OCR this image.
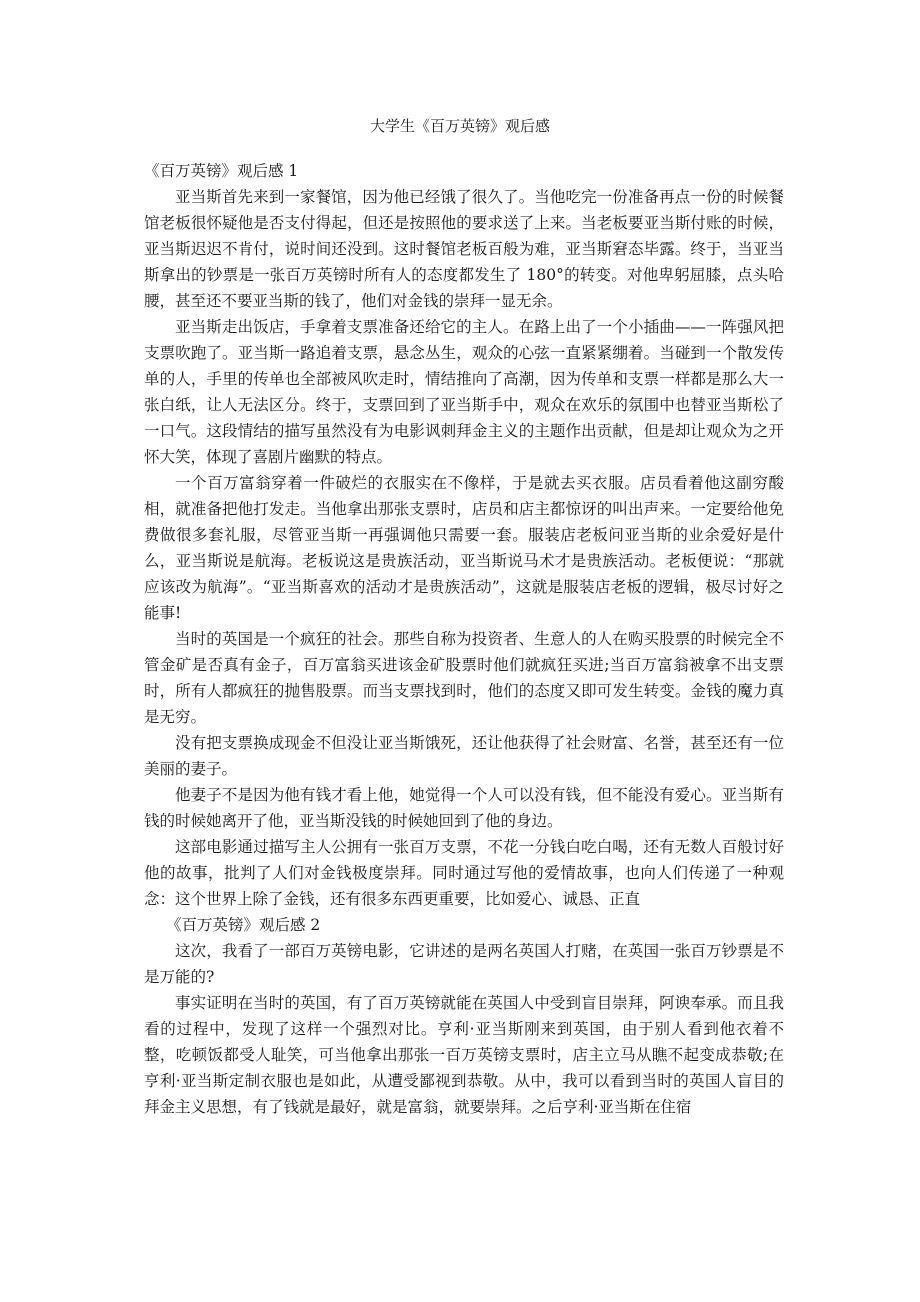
大学生《百万英镑》观后感

《百万英镑》观后感 1

亚当斯首先来到一家餐馆，因为他已经饿了很久了。当他吃完一份准备再点一份的时候餐馆老板很怀疑他是否支付得起，但还是按照他的要求送了上来。当老板要亚当斯付账的时候，亚当斯迟迟不肯付，说时间还没到。这时餐馆老板百般为难，亚当斯窘态毕露。终于，当亚当斯拿出的钞票是一张百万英镑时所有人的态度都发生了 180°的转变。对他卑躬屈膝，点头哈腰，甚至还不要亚当斯的钱了，他们对金钱的崇拜一显无余。

亚当斯走出饭店，手拿着支票准备还给它的主人。在路上出了一个小插曲——一阵强风把支票吹跑了。亚当斯一路追着支票，悬念丛生，观众的心弦一直紧紧绷着。当碰到一个散发传单的人，手里的传单也全部被风吹走时，情结推向了高潮，因为传单和支票一样都是那么大一张白纸，让人无法区分。终于，支票回到了亚当斯手中，观众在欢乐的氛围中也替亚当斯松了一口气。这段情结的描写虽然没有为电影讽刺拜金主义的主题作出贡献，但是却让观众为之开怀大笑，体现了喜剧片幽默的特点。

一个百万富翁穿着一件破烂的衣服实在不像样，于是就去买衣服。店员看着他这副穷酸相，就准备把他打发走。当他拿出那张支票时，店员和店主都惊讶的叫出声来。一定要给他免费做很多套礼服，尽管亚当斯一再强调他只需要一套。服装店老板问亚当斯的业余爱好是什么，亚当斯说是航海。老板说这是贵族活动，亚当斯说马术才是贵族活动。老板便说：“那就应该改为航海”。“亚当斯喜欢的活动才是贵族活动”，这就是服装店老板的逻辑，极尽讨好之能事!

当时的英国是一个疯狂的社会。那些自称为投资者、生意人的人在购买股票的时候完全不管金矿是否真有金子，百万富翁买进该金矿股票时他们就疯狂买进;当百万富翁被拿不出支票时，所有人都疯狂的抛售股票。而当支票找到时，他们的态度又即可发生转变。金钱的魔力真是无穷。

没有把支票换成现金不但没让亚当斯饿死，还让他获得了社会财富、名誉，甚至还有一位美丽的妻子。

他妻子不是因为他有钱才看上他，她觉得一个人可以没有钱，但不能没有爱心。亚当斯有钱的时候她离开了他，亚当斯没钱的时候她回到了他的身边。

这部电影通过描写主人公拥有一张百万支票，不花一分钱白吃白喝，还有无数人百般讨好他的故事，批判了人们对金钱极度崇拜。同时通过写他的爱情故事，也向人们传递了一种观念：这个世界上除了金钱，还有很多东西更重要，比如爱心、诚恳、正直

《百万英镑》观后感 2

这次，我看了一部百万英镑电影，它讲述的是两名英国人打赌，在英国一张百万钞票是不是万能的?

事实证明在当时的英国，有了百万英镑就能在英国人中受到盲目崇拜，阿谀奉承。而且我看的过程中，发现了这样一个强烈对比。亨利·亚当斯刚来到英国，由于别人看到他衣着不整，吃顿饭都受人耻笑，可当他拿出那张一百万英镑支票时，店主立马从瞧不起变成恭敬;在亨利·亚当斯定制衣服也是如此，从遭受鄙视到恭敬。从中，我可以看到当时的英国人盲目的拜金主义思想，有了钱就是最好，就是富翁，就要崇拜。之后亨利·亚当斯在住宿
